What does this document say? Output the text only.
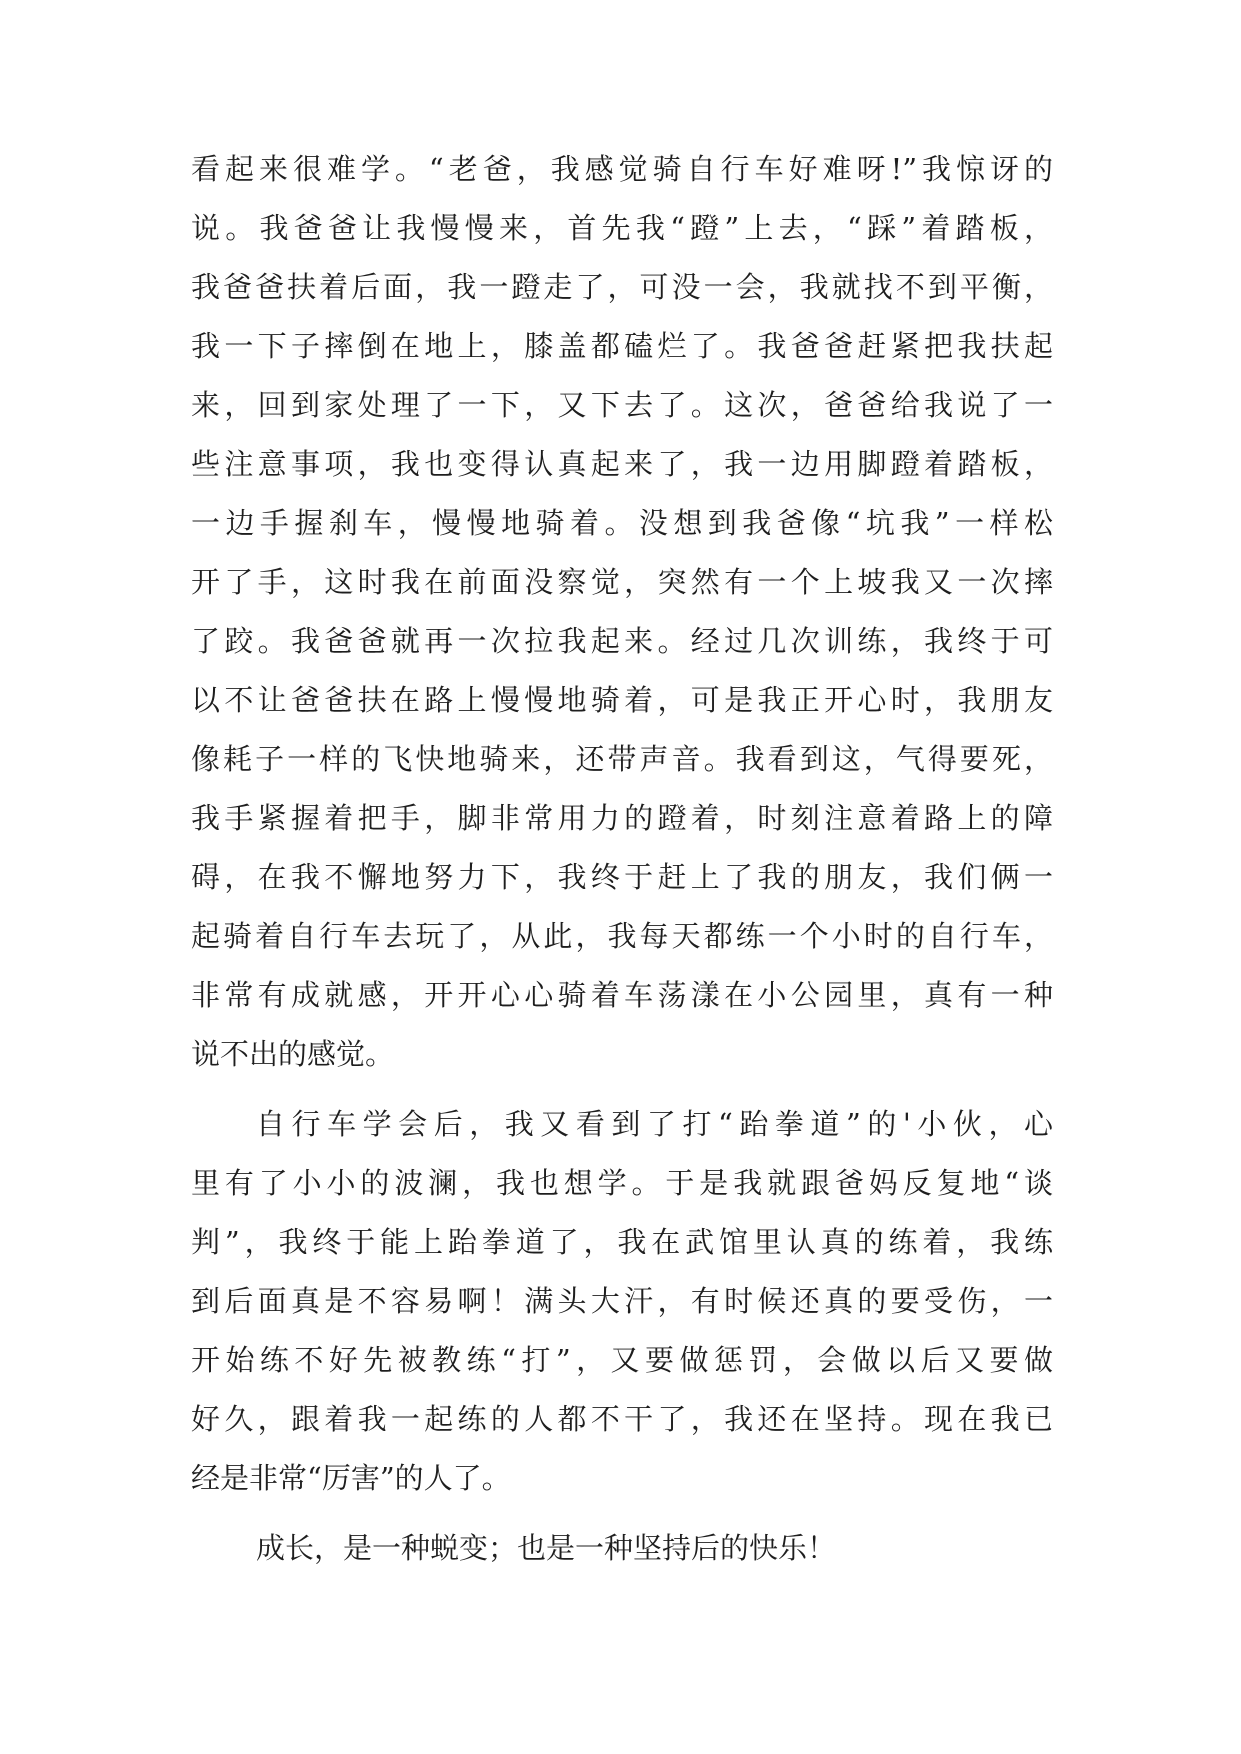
看起来很难学。“老爸，我感觉骑自行车好难呀!”我惊讶的
说。我爸爸让我慢慢来，首先我“蹬”上去，“踩”着踏板，
我爸爸扶着后面，我一蹬走了，可没一会，我就找不到平衡，
我一下子摔倒在地上，膝盖都磕烂了。我爸爸赶紧把我扶起
来，回到家处理了一下，又下去了。这次，爸爸给我说了一
些注意事项，我也变得认真起来了，我一边用脚蹬着踏板，
一边手握刹车，慢慢地骑着。没想到我爸像“坑我”一样松
开了手，这时我在前面没察觉，突然有一个上坡我又一次摔
了跤。我爸爸就再一次拉我起来。经过几次训练，我终于可
以不让爸爸扶在路上慢慢地骑着，可是我正开心时，我朋友
像耗子一样的飞快地骑来，还带声音。我看到这，气得要死，
我手紧握着把手，脚非常用力的蹬着，时刻注意着路上的障
碍，在我不懈地努力下，我终于赶上了我的朋友，我们俩一
起骑着自行车去玩了，从此，我每天都练一个小时的自行车，
非常有成就感，开开心心骑着车荡漾在小公园里，真有一种
说不出的感觉。
自行车学会后，我又看到了打“跆拳道”的'小伙，心
里有了小小的波澜，我也想学。于是我就跟爸妈反复地“谈
判”，我终于能上跆拳道了，我在武馆里认真的练着，我练
到后面真是不容易啊！满头大汗，有时候还真的要受伤，一
开始练不好先被教练“打”，又要做惩罚，会做以后又要做
好久，跟着我一起练的人都不干了，我还在坚持。现在我已
经是非常“厉害”的人了。
成长，是一种蜕变；也是一种坚持后的快乐！
